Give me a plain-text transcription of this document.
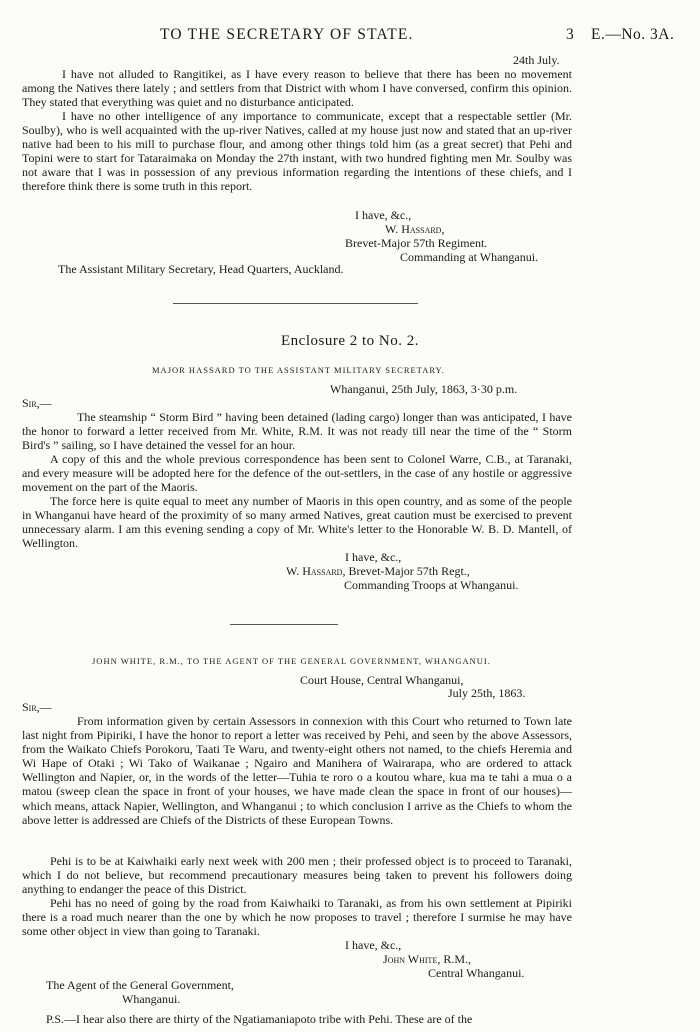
TO THE SECRETARY OF STATE.	3 E.—No. 3A.
24th July.
I have not alluded to Rangitikei, as I have every reason to believe that there has been no movement among the Natives there lately ; and settlers from that District with whom I have conversed, confirm this opinion. They stated that everything was quiet and no disturbance anticipated.
I have no other intelligence of any importance to communicate, except that a respectable settler (Mr. Soulby), who is well acquainted with the up-river Natives, called at my house just now and stated that an up-river native had been to his mill to purchase flour, and among other things told him (as a great secret) that Pehi and Topini were to start for Tataraimaka on Monday the 27th instant, with two hundred fighting men Mr. Soulby was not aware that I was in possession of any previous information regarding the intentions of these chiefs, and I therefore think there is some truth in this report.
I have, &c.,
W. Hassard,
Brevet-Major 57th Regiment.
Commanding at Whanganui.
The Assistant Military Secretary, Head Quarters, Auckland.
Enclosure 2 to No. 2.
MAJOR HASSARD TO THE ASSISTANT MILITARY SECRETARY.
Whanganui, 25th July, 1863, 3·30 p.m.
Sir,—
The steamship “ Storm Bird ” having been detained (lading cargo) longer than was anticipated, I have the honor to forward a letter received from Mr. White, R.M. It was not ready till near the time of the “ Storm Bird's ” sailing, so I have detained the vessel for an hour.
A copy of this and the whole previous correspondence has been sent to Colonel Warre, C.B., at Taranaki, and every measure will be adopted here for the defence of the out-settlers, in the case of any hostile or aggressive movement on the part of the Maoris.
The force here is quite equal to meet any number of Maoris in this open country, and as some of the people in Whanganui have heard of the proximity of so many armed Natives, great caution must be exercised to prevent unnecessary alarm. I am this evening sending a copy of Mr. White's letter to the Honorable W. B. D. Mantell, of Wellington.
I have, &c.,
W. Hassard, Brevet-Major 57th Regt.,
Commanding Troops at Whanganui.
JOHN WHITE, R.M., TO THE AGENT OF THE GENERAL GOVERNMENT, WHANGANUI.
Court House, Central Whanganui,
July 25th, 1863.
Sir,—
From information given by certain Assessors in connexion with this Court who returned to Town late last night from Pipiriki, I have the honor to report a letter was received by Pehi, and seen by the above Assessors, from the Waikato Chiefs Porokoru, Taati Te Waru, and twenty-eight others not named, to the chiefs Heremia and Wi Hape of Otaki ; Wi Tako of Waikanae ; Ngairo and Manihera of Wairarapa, who are ordered to attack Wellington and Napier, or, in the words of the letter—Tuhia te roro o a koutou whare, kua ma te tahi a mua o a matou (sweep clean the space in front of your houses, we have made clean the space in front of our houses)—which means, attack Napier, Wellington, and Whanganui ; to which conclusion I arrive as the Chiefs to whom the above letter is addressed are Chiefs of the Districts of these European Towns.
Pehi is to be at Kaiwhaiki early next week with 200 men ; their professed object is to proceed to Taranaki, which I do not believe, but recommend precautionary measures being taken to prevent his followers doing anything to endanger the peace of this District.
Pehi has no need of going by the road from Kaiwhaiki to Taranaki, as from his own settlement at Pipiriki there is a road much nearer than the one by which he now proposes to travel ; therefore I surmise he may have some other object in view than going to Taranaki.
I have, &c.,
John White, R.M.,
Central Whanganui.
The Agent of the General Government,
Whanganui.
P.S.—I hear also there are thirty of the Ngatiamaniapoto tribe with Pehi. These are of the
